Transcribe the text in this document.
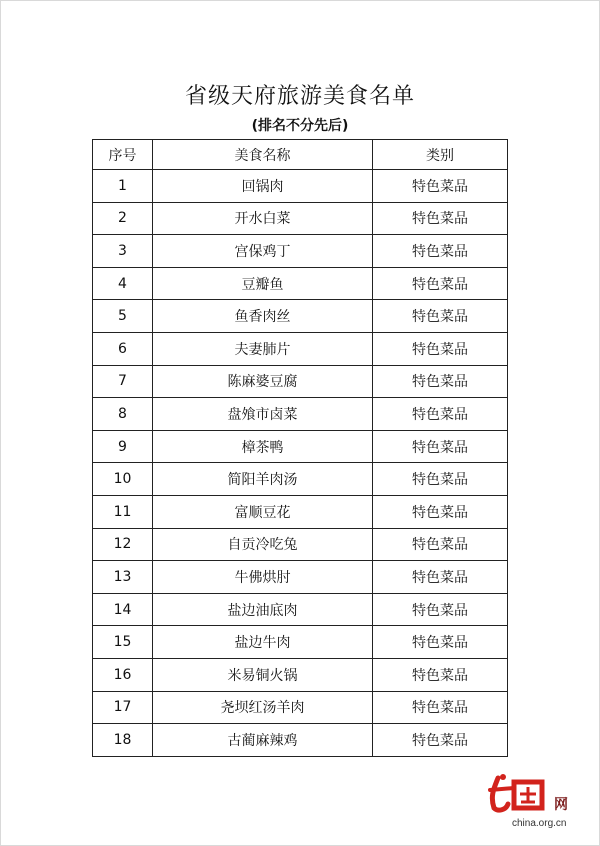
省级天府旅游美食名单
(排名不分先后)
序号	美食名称	类别
1	回锅肉	特色菜品
2	开水白菜	特色菜品
3	宫保鸡丁	特色菜品
4	豆瓣鱼	特色菜品
5	鱼香肉丝	特色菜品
6	夫妻肺片	特色菜品
7	陈麻婆豆腐	特色菜品
8	盘飧市卤菜	特色菜品
9	樟茶鸭	特色菜品
10	简阳羊肉汤	特色菜品
11	富顺豆花	特色菜品
12	自贡冷吃兔	特色菜品
13	牛佛烘肘	特色菜品
14	盐边油底肉	特色菜品
15	盐边牛肉	特色菜品
16	米易铜火锅	特色菜品
17	尧坝红汤羊肉	特色菜品
18	古蔺麻辣鸡	特色菜品
网
china.org.cn
